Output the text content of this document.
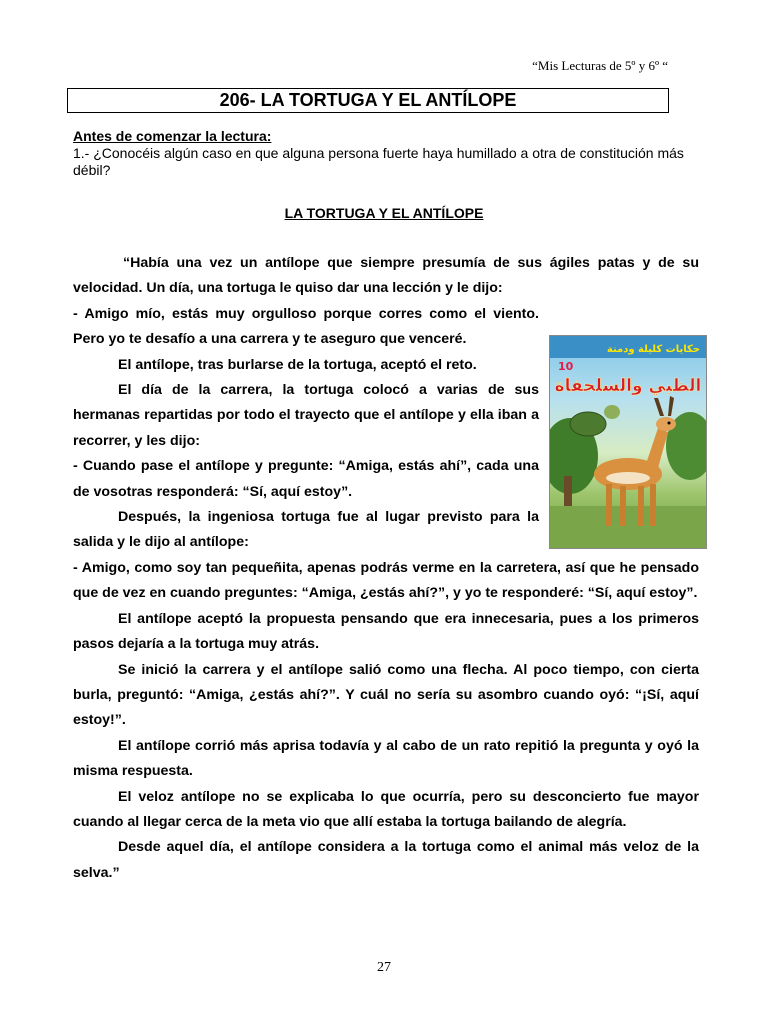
“Mis Lecturas de 5º y 6º “
206- LA TORTUGA Y EL ANTÍLOPE
Antes de comenzar la lectura:
1.- ¿Conocéis algún caso en que alguna persona fuerte haya humillado a otra de constitución más débil?
LA TORTUGA Y EL ANTÍLOPE

“Había una vez un antílope que siempre presumía de sus ágiles patas y de su velocidad. Un día, una tortuga le quiso dar una lección y le dijo:

- Amigo mío, estás muy orgulloso porque corres como el viento. Pero yo te desafío a una carrera y te aseguro que venceré.

El antílope, tras burlarse de la tortuga, aceptó el reto.

El día de la carrera, la tortuga colocó a varias de sus hermanas repartidas por todo el trayecto que el antílope y ella iban a recorrer, y les dijo:

- Cuando pase el antílope y pregunte: “Amiga, estás ahí”, cada una de vosotras responderá: “Sí, aquí estoy”.

Después, la ingeniosa tortuga fue al lugar previsto para la salida y le dijo al antílope:

- Amigo, como soy tan pequeñita, apenas podrás verme en la carretera, así que he pensado que de vez en cuando preguntes: “Amiga, ¿estás ahí?”, y yo te responderé: “Sí, aquí estoy”.

El antílope aceptó la propuesta pensando que era innecesaria, pues a los primeros pasos dejaría a la tortuga muy atrás.

Se inició la carrera y el antílope salió como una flecha. Al poco tiempo, con cierta burla, preguntó: “Amiga, ¿estás ahí?”. Y cuál no sería su asombro cuando oyó: “¡Sí, aquí estoy!”.

El antílope corrió más aprisa todavía y al cabo de un rato repitió la pregunta y oyó la misma respuesta.

El veloz antílope no se explicaba lo que ocurría, pero su desconcierto fue mayor cuando al llegar cerca de la meta vio que allí estaba la tortuga bailando de alegría.

Desde aquel día, el antílope considera a la tortuga como el animal más veloz de la selva.”

حكايات كليلة ودمنة
10
الظبي والسلحفاة
27
